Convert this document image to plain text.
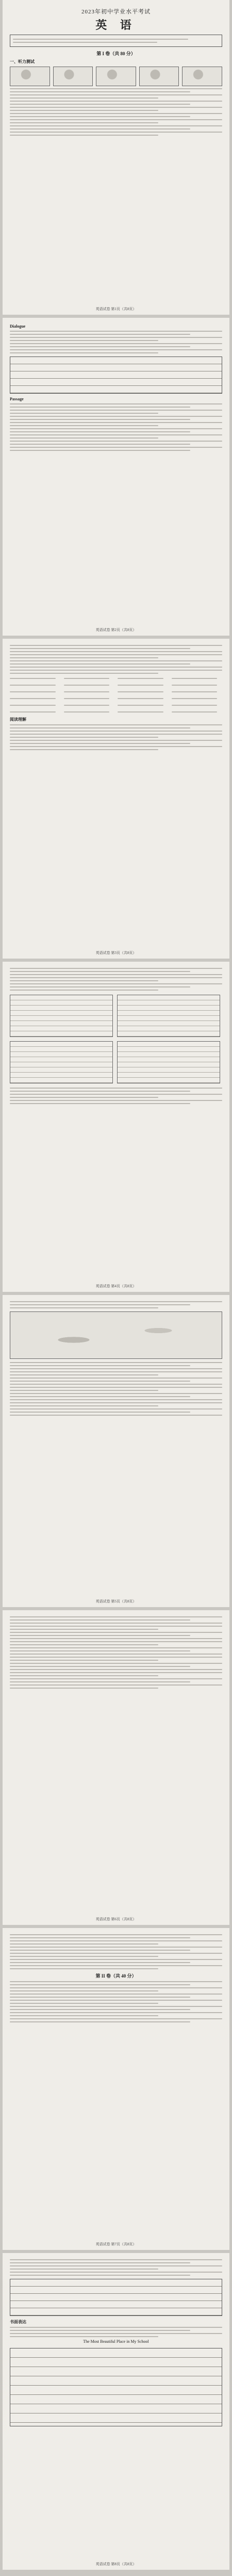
2023年初中学业水平考试
英 语
第 I 卷（共 80 分）
一、听力测试
英语试卷 第1页（共8页）
Dialogue
Passage
英语试卷 第2页（共8页）
阅读理解
英语试卷 第3页（共8页）
英语试卷 第4页（共8页）
英语试卷 第5页（共8页）
英语试卷 第6页（共8页）
第 II 卷（共 40 分）
英语试卷 第7页（共8页）
书面表达
The Most Beautiful Place in My School
英语试卷 第8页（共8页）
